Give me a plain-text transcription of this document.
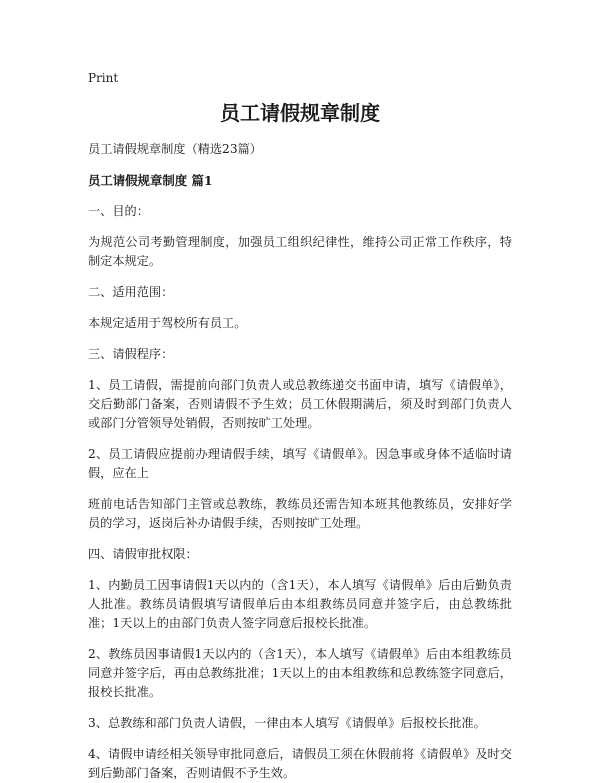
Print
员工请假规章制度
员工请假规章制度（精选23篇）
员工请假规章制度 篇1
一、目的：
为规范公司考勤管理制度，加强员工组织纪律性，维持公司正常工作秩序，特制定本规定。
二、适用范围：
本规定适用于驾校所有员工。
三、请假程序：
1、员工请假，需提前向部门负责人或总教练递交书面申请，填写《请假单》，交后勤部门备案，否则请假不予生效；员工休假期满后，须及时到部门负责人或部门分管领导处销假，否则按旷工处理。
2、员工请假应提前办理请假手续，填写《请假单》。因急事或身体不适临时请假，应在上
班前电话告知部门主管或总教练，教练员还需告知本班其他教练员，安排好学员的学习，返岗后补办请假手续，否则按旷工处理。
四、请假审批权限：
1、内勤员工因事请假1天以内的（含1天），本人填写《请假单》后由后勤负责人批准。教练员请假填写请假单后由本组教练员同意并签字后，由总教练批准；1天以上的由部门负责人签字同意后报校长批准。
2、教练员因事请假1天以内的（含1天），本人填写《请假单》后由本组教练员同意并签字后，再由总教练批准；1天以上的由本组教练和总教练签字同意后，报校长批准。
3、总教练和部门负责人请假，一律由本人填写《请假单》后报校长批准。
4、请假申请经相关领导审批同意后，请假员工须在休假前将《请假单》及时交到后勤部门备案，否则请假不予生效。
